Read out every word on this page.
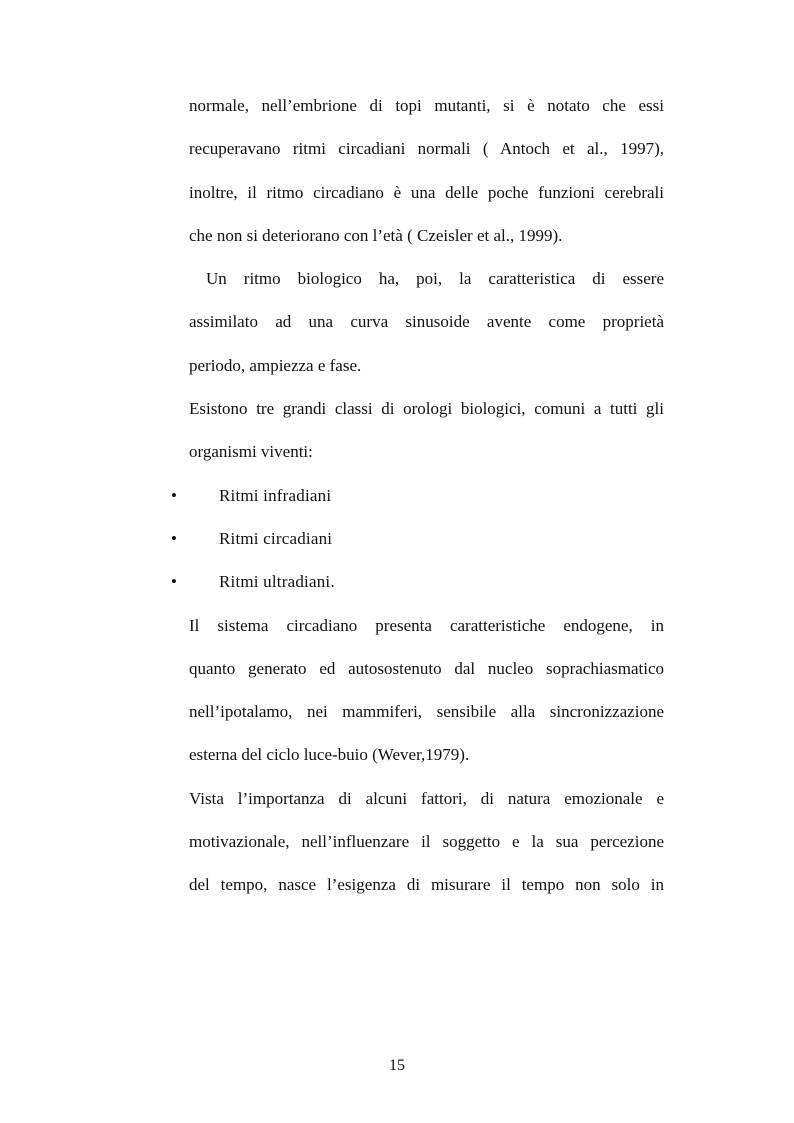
normale, nell’embrione di topi mutanti, si è notato che essi
recuperavano ritmi circadiani normali ( Antoch et al., 1997),
inoltre, il ritmo circadiano è una delle poche funzioni cerebrali
che non si deteriorano con l’età ( Czeisler et al., 1999).
Un ritmo biologico ha, poi, la caratteristica di essere
assimilato ad una curva sinusoide avente come proprietà
periodo, ampiezza e fase.
Esistono tre grandi classi di orologi biologici, comuni a tutti gli
organismi viventi:
Il sistema circadiano presenta caratteristiche endogene, in
quanto generato ed autosostenuto dal nucleo soprachiasmatico
nell’ipotalamo, nei mammiferi, sensibile alla sincronizzazione
esterna del ciclo luce-buio (Wever,1979).
Vista l’importanza di alcuni fattori, di natura emozionale e
motivazionale, nell’influenzare il soggetto e la sua percezione
del tempo, nasce l’esigenza di misurare il tempo non solo in
•	Ritmi infradiani
•	Ritmi circadiani
•	Ritmi ultradiani.
15
